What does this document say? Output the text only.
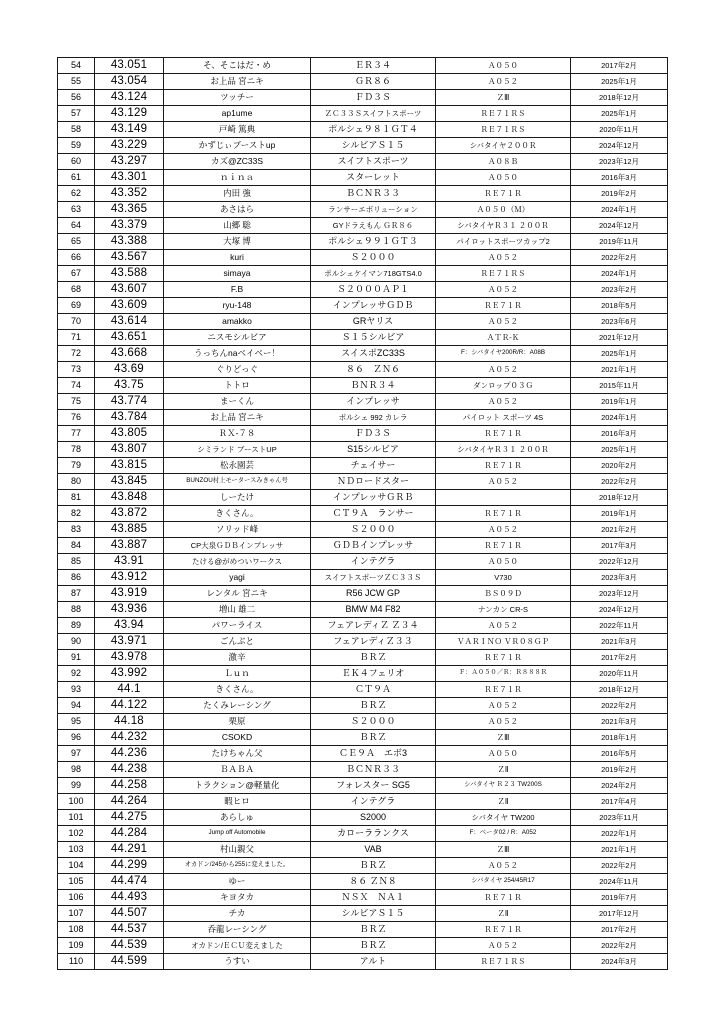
54	43.051	そ、そこはだ・め	ＥＲ３４	Ａ０５０	2017年2月
55	43.054	お上品 宮ニキ	ＧＲ８６	Ａ０５２	2025年1月
56	43.124	ツッチー	ＦＤ３Ｓ	ＺⅢ	2018年12月
57	43.129	ap1ume	ＺＣ３３Ｓスイフトスポーツ	ＲＥ７１ＲＳ	2025年1月
58	43.149	戸崎 篤典	ポルシェ９８１ＧＴ４	ＲＥ７１ＲＳ	2020年11月
59	43.229	かずじぃブーストup	シルビアＳ１５	シバタイヤ２００Ｒ	2024年12月
60	43.297	カズ@ZC33S	スイフトスポーツ	Ａ０８Ｂ	2023年12月
61	43.301	ｎｉｎａ	スターレット	Ａ０５０	2016年3月
62	43.352	内田 強	ＢＣＮＲ３３	ＲＥ７１Ｒ	2019年2月
63	43.365	あさはら	ランサーエボリューション	Ａ０５０（Ｍ）	2024年1月
64	43.379	山郷 聡	GYドラえもん ＧＲ８６	シバタイヤＲ３１ ２００Ｒ	2024年12月
65	43.388	大塚 博	ポルシェ９９１ＧＴ３	パイロットスポーツカップ2	2019年11月
66	43.567	kuri	Ｓ２０００	Ａ０５２	2022年2月
67	43.588	simaya	ポルシェケイマン718GTS4.0	ＲＥ７１ＲＳ	2024年1月
68	43.607	F.B	Ｓ２０００ＡＰ１	Ａ０５２	2023年2月
69	43.609	ryu-148	インプレッサＧＤＢ	ＲＥ７１Ｒ	2018年5月
70	43.614	amakko	GRヤリス	Ａ０５２	2023年6月
71	43.651	ニスモシルビア	Ｓ１５シルビア	ＡＴＲ-Ｋ	2021年12月
72	43.668	うっちんnaベイベー！	スイスポZC33S	F：シバタイヤ200R/R：A08B	2025年1月
73	43.69	ぐりどっぐ	８６　ＺＮ６	Ａ０５２	2021年1月
74	43.75	トトロ	ＢＮＲ３４	ダンロップ０３Ｇ	2015年11月
75	43.774	まーくん	インプレッサ	Ａ０５２	2019年1月
76	43.784	お上品 宮ニキ	ポルシェ 992 カレラ	パイロット スポーツ 4S	2024年1月
77	43.805	ＲＸ-７８	ＦＤ３Ｓ	ＲＥ７１Ｒ	2016年3月
78	43.807	シミランド ブーストUP	S15シルビア	シバタイヤＲ３１ ２００Ｒ	2025年1月
79	43.815	松永園芸	チェイサー	ＲＥ７１Ｒ	2020年2月
80	43.845	BUNZOU村上モータースみきゃん号	ＮＤロードスター	Ａ０５２	2022年2月
81	43.848	しーたけ	インプレッサＧＲＢ		2018年12月
82	43.872	きくさん。	ＣＴ９Ａ　ランサー	ＲＥ７１Ｒ	2019年1月
83	43.885	ソリッド峰	Ｓ２０００	Ａ０５２	2021年2月
84	43.887	CP大泉ＧＤＢインプレッサ	ＧＤＢインプレッサ	ＲＥ７１Ｒ	2017年3月
85	43.91	たける@がめついワークス	インテグラ	Ａ０５０	2022年12月
86	43.912	yagi	スイフトスポーツＺＣ３３Ｓ	V730	2023年3月
87	43.919	レンタル 宮ニキ	R56 JCW GP	ＢＳ０９Ｄ	2023年12月
88	43.936	増山 雄二	BMW M4 F82	ナンカン CR-S	2024年12月
89	43.94	パワーライス	フェアレディＺ Ｚ３４	Ａ０５２	2022年11月
90	43.971	ごんぶと	フェアレディＺ３３	ＶＡＲＩＮＯ ＶＲ０８ＧＰ	2021年3月
91	43.978	激辛	ＢＲＺ	ＲＥ７１Ｒ	2017年2月
92	43.992	Ｌｕｎ	ＥＫ４フェリオ	Ｆ：Ａ０５０／Ｒ：Ｒ８８８Ｒ	2020年11月
93	44.1	きくさん。	ＣＴ９Ａ	ＲＥ７１Ｒ	2018年12月
94	44.122	たくみレーシング	ＢＲＺ	Ａ０５２	2022年2月
95	44.18	栗原	Ｓ２０００	Ａ０５２	2021年3月
96	44.232	CSOKD	ＢＲＺ	ＺⅢ	2018年1月
97	44.236	たけちゃん父	ＣＥ９Ａ　エボ3	Ａ０５０	2016年5月
98	44.238	ＢＡＢＡ	ＢＣＮＲ３３	ＺⅡ	2019年2月
99	44.258	トラクション@軽量化	フォレスター SG5	シバタイヤ Ｒ２３ TW200S	2024年2月
100	44.264	暇ヒロ	インテグラ	ＺⅡ	2017年4月
101	44.275	あらしゅ	S2000	シバタイヤ TW200	2023年11月
102	44.284	Jump off Automobile	カローラランクス	F：ベータ02 / R：A052	2022年1月
103	44.291	村山親父	VAB	ＺⅢ	2021年1月
104	44.299	オカドン/245から255に変えました。	ＢＲＺ	Ａ０５２	2022年2月
105	44.474	ゆー	８６ ＺＮ８	シバタイヤ 254/45R17	2024年11月
106	44.493	キヨタカ	ＮＳＸ　ＮＡ１	ＲＥ７１Ｒ	2019年7月
107	44.507	チカ	シルビアＳ１５	ＺⅡ	2017年12月
108	44.537	呑龍レーシング	ＢＲＺ	ＲＥ７１Ｒ	2017年2月
109	44.539	オカドン/ＥＣＵ変えました	ＢＲＺ	Ａ０５２	2022年2月
110	44.599	うすい	アルト	ＲＥ７１ＲＳ	2024年3月
